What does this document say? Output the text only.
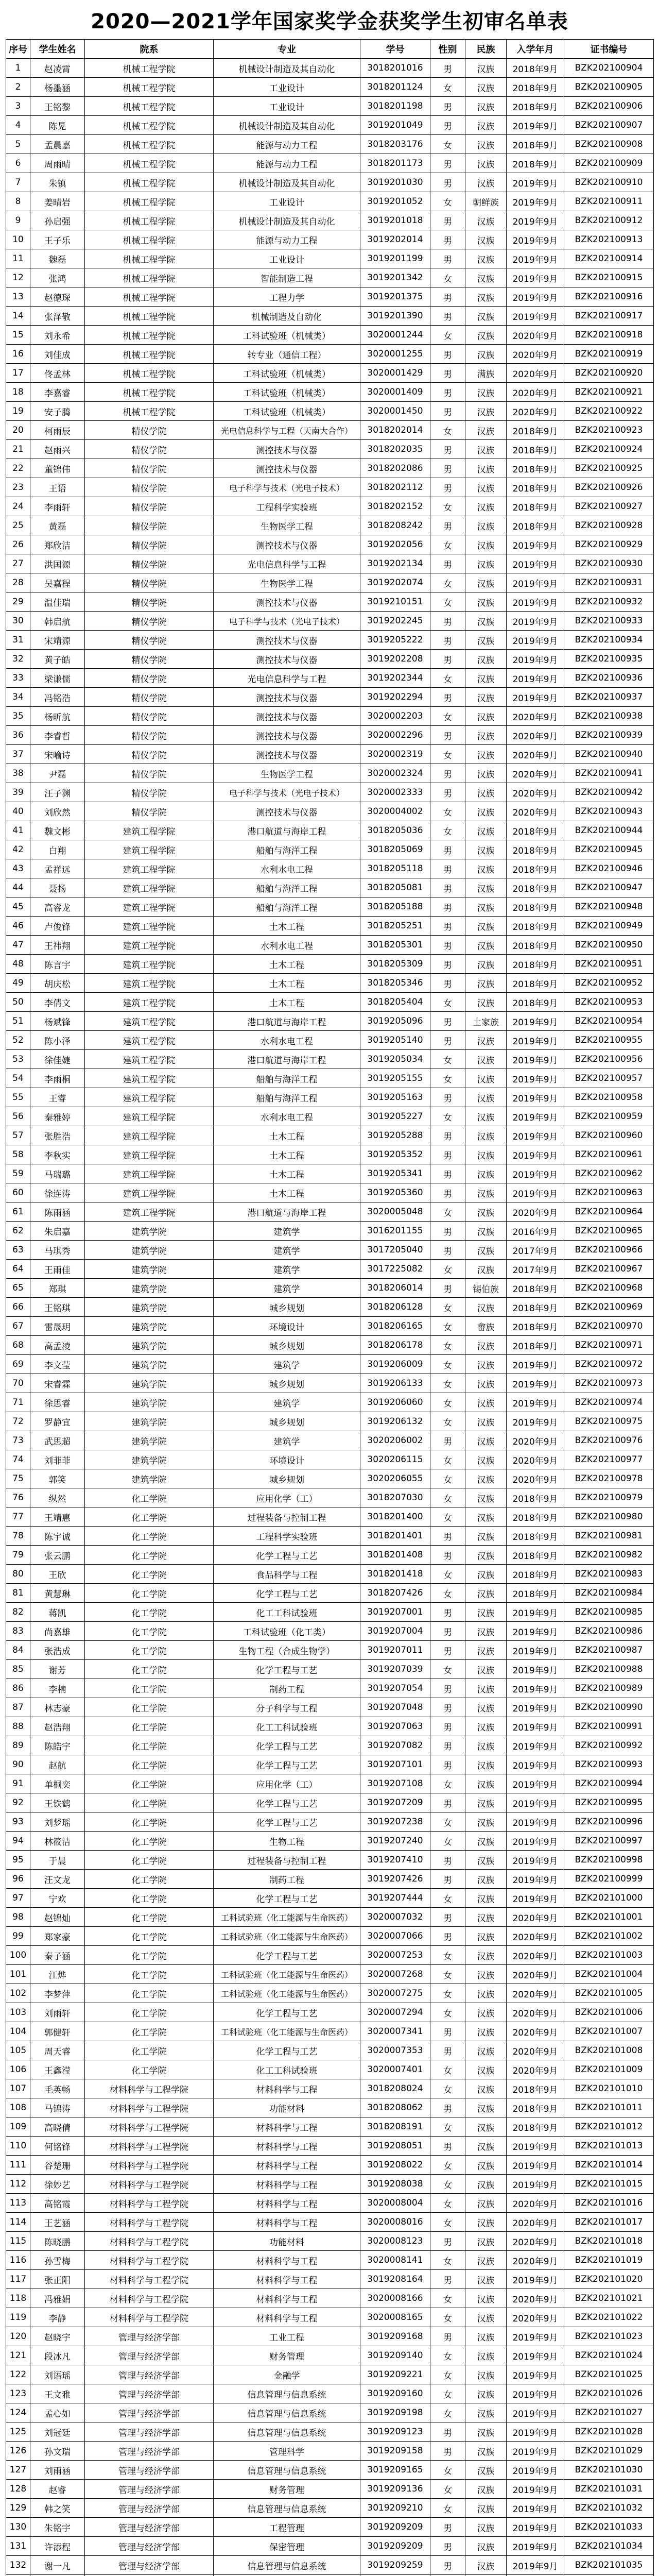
2020—2021学年国家奖学金获奖学生初审名单表
序号	学生姓名	院系	专业	学号	性别	民族	入学年月	证书编号
1	赵凌霄	机械工程学院	机械设计制造及其自动化	3018201016	男	汉族	2018年9月	BZK202100904
2	杨墨涵	机械工程学院	工业设计	3018201124	女	汉族	2018年9月	BZK202100905
3	王铭黎	机械工程学院	工业设计	3018201198	男	汉族	2018年9月	BZK202100906
4	陈晃	机械工程学院	机械设计制造及其自动化	3019201049	男	汉族	2019年9月	BZK202100907
5	孟晨嘉	机械工程学院	能源与动力工程	3018203176	女	汉族	2018年9月	BZK202100908
6	周雨晴	机械工程学院	能源与动力工程	3018201173	男	汉族	2018年9月	BZK202100909
7	朱镇	机械工程学院	机械设计制造及其自动化	3019201030	男	汉族	2019年9月	BZK202100910
8	姜晴岩	机械工程学院	工业设计	3019201052	女	朝鲜族	2019年9月	BZK202100911
9	孙启强	机械工程学院	机械设计制造及其自动化	3019201018	男	汉族	2019年9月	BZK202100912
10	王子乐	机械工程学院	能源与动力工程	3019202014	男	汉族	2019年9月	BZK202100913
11	魏磊	机械工程学院	工业设计	3019201199	男	汉族	2019年9月	BZK202100914
12	张鸿	机械工程学院	智能制造工程	3019201342	女	汉族	2019年9月	BZK202100915
13	赵德琛	机械工程学院	工程力学	3019201375	男	汉族	2019年9月	BZK202100916
14	张泽敬	机械工程学院	机械制造及自动化	3019201390	男	汉族	2019年9月	BZK202100917
15	刘永希	机械工程学院	工科试验班（机械类）	3020001244	女	汉族	2020年9月	BZK202100918
16	刘佳成	机械工程学院	转专业（通信工程）	3020001255	男	汉族	2020年9月	BZK202100919
17	佟孟林	机械工程学院	工科试验班（机械类）	3020001429	男	满族	2020年9月	BZK202100920
18	李嘉睿	机械工程学院	工科试验班（机械类）	3020001409	男	汉族	2020年9月	BZK202100921
19	安子腾	机械工程学院	工科试验班（机械类）	3020001450	男	汉族	2020年9月	BZK202100922
20	柯雨辰	精仪学院	光电信息科学与工程（天南大合作）	3018202014	女	汉族	2018年9月	BZK202100923
21	赵雨兴	精仪学院	测控技术与仪器	3018202035	男	汉族	2018年9月	BZK202100924
22	董锦伟	精仪学院	测控技术与仪器	3018202086	男	汉族	2018年9月	BZK202100925
23	王语	精仪学院	电子科学与技术（光电子技术）	3018202112	男	汉族	2018年9月	BZK202100926
24	李雨轩	精仪学院	工程科学实验班	3018202152	女	汉族	2018年9月	BZK202100927
25	黄磊	精仪学院	生物医学工程	3018208242	男	汉族	2018年9月	BZK202100928
26	郑欣洁	精仪学院	测控技术与仪器	3019202056	女	汉族	2019年9月	BZK202100929
27	洪国源	精仪学院	光电信息科学与工程	3019202134	男	汉族	2019年9月	BZK202100930
28	吴嘉程	精仪学院	生物医学工程	3019202074	女	汉族	2019年9月	BZK202100931
29	温佳瑞	精仪学院	测控技术与仪器	3019210151	女	汉族	2019年9月	BZK202100932
30	韩启航	精仪学院	电子科学与技术（光电子技术）	3019202245	男	汉族	2019年9月	BZK202100933
31	宋靖源	精仪学院	测控技术与仪器	3019205222	男	汉族	2019年9月	BZK202100934
32	黄子皓	精仪学院	测控技术与仪器	3019202208	男	汉族	2019年9月	BZK202100935
33	梁谦儒	精仪学院	光电信息科学与工程	3019202344	女	汉族	2019年9月	BZK202100936
34	冯铭浩	精仪学院	测控技术与仪器	3019202294	男	汉族	2019年9月	BZK202100937
35	杨昕航	精仪学院	测控技术与仪器	3020002203	女	汉族	2020年9月	BZK202100938
36	李睿哲	精仪学院	测控技术与仪器	3020002296	男	汉族	2020年9月	BZK202100939
37	宋喻诗	精仪学院	测控技术与仪器	3020002319	女	汉族	2020年9月	BZK202100940
38	尹磊	精仪学院	生物医学工程	3020002324	男	汉族	2020年9月	BZK202100941
39	汪子渊	精仪学院	电子科学与技术（光电子技术）	3020002333	男	汉族	2020年9月	BZK202100942
40	刘欣然	精仪学院	测控技术与仪器	3020004002	女	汉族	2020年9月	BZK202100943
41	魏文彬	建筑工程学院	港口航道与海岸工程	3018205036	女	汉族	2018年9月	BZK202100944
42	白翔	建筑工程学院	船舶与海洋工程	3018205069	男	汉族	2018年9月	BZK202100945
43	孟祥远	建筑工程学院	水利水电工程	3018205118	男	汉族	2018年9月	BZK202100946
44	聂扬	建筑工程学院	船舶与海洋工程	3018205081	男	汉族	2018年9月	BZK202100947
45	高睿龙	建筑工程学院	船舶与海洋工程	3018205188	男	汉族	2018年9月	BZK202100948
46	卢俊锋	建筑工程学院	土木工程	3018205251	男	汉族	2018年9月	BZK202100949
47	王祎翔	建筑工程学院	水利水电工程	3018205301	男	汉族	2018年9月	BZK202100950
48	陈言宇	建筑工程学院	土木工程	3018205309	男	汉族	2018年9月	BZK202100951
49	胡庆松	建筑工程学院	土木工程	3018205346	男	汉族	2018年9月	BZK202100952
50	李倩文	建筑工程学院	土木工程	3018205404	女	汉族	2018年9月	BZK202100953
51	杨斌锋	建筑工程学院	港口航道与海岸工程	3019205096	男	土家族	2019年9月	BZK202100954
52	陈小泽	建筑工程学院	水利水电工程	3019205140	男	汉族	2019年9月	BZK202100955
53	徐佳婕	建筑工程学院	港口航道与海岸工程	3019205034	女	汉族	2019年9月	BZK202100956
54	李雨桐	建筑工程学院	船舶与海洋工程	3019205155	女	汉族	2019年9月	BZK202100957
55	王睿	建筑工程学院	船舶与海洋工程	3019205163	男	汉族	2019年9月	BZK202100958
56	秦雅婷	建筑工程学院	水利水电工程	3019205227	女	汉族	2019年9月	BZK202100959
57	张胜浩	建筑工程学院	土木工程	3019205288	男	汉族	2019年9月	BZK202100960
58	李秋实	建筑工程学院	土木工程	3019205352	男	汉族	2019年9月	BZK202100961
59	马瑞璐	建筑工程学院	土木工程	3019205341	男	汉族	2019年9月	BZK202100962
60	徐连涛	建筑工程学院	土木工程	3019205360	男	汉族	2019年9月	BZK202100963
61	陈雨涵	建筑工程学院	港口航道与海岸工程	3020005048	女	汉族	2020年9月	BZK202100964
62	朱启嘉	建筑学院	建筑学	3016201155	男	汉族	2016年9月	BZK202100965
63	马琪秀	建筑学院	建筑学	3017205040	男	汉族	2017年9月	BZK202100966
64	王雨佳	建筑学院	建筑学	3017225082	女	汉族	2017年9月	BZK202100967
65	郑琪	建筑学院	建筑学	3018206014	男	锡伯族	2018年9月	BZK202100968
66	王铭琪	建筑学院	城乡规划	3018206128	女	汉族	2018年9月	BZK202100969
67	雷晟玥	建筑学院	环境设计	3018206165	女	畲族	2018年9月	BZK202100970
68	高孟凌	建筑学院	城乡规划	3018206178	女	汉族	2018年9月	BZK202100971
69	李文莹	建筑学院	建筑学	3019206009	女	汉族	2019年9月	BZK202100972
70	宋睿霖	建筑学院	城乡规划	3019206133	女	汉族	2019年9月	BZK202100973
71	徐思睿	建筑学院	建筑学	3019206060	女	汉族	2019年9月	BZK202100974
72	罗静宜	建筑学院	城乡规划	3019206132	女	汉族	2019年9月	BZK202100975
73	武思超	建筑学院	建筑学	3020206002	男	汉族	2020年9月	BZK202100976
74	刘菲菲	建筑学院	环境设计	3020206115	女	汉族	2020年9月	BZK202100977
75	郭笑	建筑学院	城乡规划	3020206055	女	汉族	2020年9月	BZK202100978
76	纵然	化工学院	应用化学（工）	3018207030	女	汉族	2018年9月	BZK202100979
77	王靖惠	化工学院	过程装备与控制工程	3018201400	女	汉族	2018年9月	BZK202100980
78	陈宇诚	化工学院	工程科学实验班	3018201401	男	汉族	2018年9月	BZK202100981
79	张云鹏	化工学院	化学工程与工艺	3018201408	男	汉族	2018年9月	BZK202100982
80	王欣	化工学院	食品科学与工程	3018201418	女	汉族	2018年9月	BZK202100983
81	黄慧琳	化工学院	化学工程与工艺	3018207426	女	汉族	2018年9月	BZK202100984
82	蒋凯	化工学院	化工工科试验班	3019207001	男	汉族	2019年9月	BZK202100985
83	尚嘉雄	化工学院	工科试验班（化工类）	3019207004	男	汉族	2019年9月	BZK202100986
84	张浩成	化工学院	生物工程（合成生物学）	3019207011	男	汉族	2019年9月	BZK202100987
85	谢芳	化工学院	化学工程与工艺	3019207039	女	汉族	2019年9月	BZK202100988
86	李楠	化工学院	制药工程	3019207054	男	汉族	2019年9月	BZK202100989
87	林志豪	化工学院	分子科学与工程	3019207048	男	汉族	2019年9月	BZK202100990
88	赵浩翔	化工学院	化工工科试验班	3019207063	男	汉族	2019年9月	BZK202100991
89	陈皓宇	化工学院	化学工程与工艺	3019207082	男	汉族	2019年9月	BZK202100992
90	赵航	化工学院	化学工程与工艺	3019207101	男	汉族	2019年9月	BZK202100993
91	单桐奕	化工学院	应用化学（工）	3019207108	女	汉族	2019年9月	BZK202100994
92	王铁鹤	化工学院	化学工程与工艺	3019207209	男	汉族	2019年9月	BZK202100995
93	刘梦瑶	化工学院	化学工程与工艺	3019207238	女	汉族	2019年9月	BZK202100996
94	林筱洁	化工学院	生物工程	3019207240	女	汉族	2019年9月	BZK202100997
95	于晨	化工学院	过程装备与控制工程	3019207410	男	汉族	2019年9月	BZK202100998
96	汪文龙	化工学院	制药工程	3019207426	男	汉族	2019年9月	BZK202100999
97	宁欢	化工学院	化学工程与工艺	3019207444	女	汉族	2019年9月	BZK202101000
98	赵锦灿	化工学院	工科试验班（化工能源与生命医药）	3020007032	男	汉族	2020年9月	BZK202101001
99	郑家豪	化工学院	工科试验班（化工能源与生命医药）	3020007066	男	汉族	2020年9月	BZK202101002
100	秦子涵	化工学院	化学工程与工艺	3020007253	女	汉族	2020年9月	BZK202101003
101	江烨	化工学院	工科试验班（化工能源与生命医药）	3020007268	女	汉族	2020年9月	BZK202101004
102	李梦萍	化工学院	工科试验班（化工能源与生命医药）	3020007275	女	汉族	2020年9月	BZK202101005
103	刘雨轩	化工学院	化学工程与工艺	3020007294	女	汉族	2020年9月	BZK202101006
104	郭健轩	化工学院	工科试验班（化工能源与生命医药）	3020007341	男	汉族	2020年9月	BZK202101007
105	周天睿	化工学院	化学工程与工艺	3020007353	男	汉族	2020年9月	BZK202101008
106	王鑫滢	化工学院	化工工科试验班	3020007401	女	汉族	2020年9月	BZK202101009
107	毛英畅	材料科学与工程学院	材料科学与工程	3018208024	女	汉族	2018年9月	BZK202101010
108	马锦涛	材料科学与工程学院	功能材料	3018208062	男	汉族	2018年9月	BZK202101011
109	高晓倩	材料科学与工程学院	材料科学与工程	3018208191	女	汉族	2018年9月	BZK202101012
110	何铭锋	材料科学与工程学院	材料科学与工程	3019208051	男	汉族	2019年9月	BZK202101013
111	谷楚珊	材料科学与工程学院	材料科学与工程	3019208022	女	汉族	2019年9月	BZK202101014
112	徐妙艺	材料科学与工程学院	材料科学与工程	3019208038	女	汉族	2019年9月	BZK202101015
113	高铭霞	材料科学与工程学院	材料科学与工程	3020008004	女	汉族	2020年9月	BZK202101016
114	王艺涵	材料科学与工程学院	材料科学与工程	3020008016	女	汉族	2020年9月	BZK202101017
115	陈晓鹏	材料科学与工程学院	功能材料	3020008123	男	汉族	2020年9月	BZK202101018
116	孙雪梅	材料科学与工程学院	材料科学与工程	3020008141	女	汉族	2020年9月	BZK202101019
117	张正阳	材料科学与工程学院	材料科学与工程	3019208164	男	汉族	2019年9月	BZK202101020
118	冯雅娟	材料科学与工程学院	材料科学与工程	3020008166	女	汉族	2020年9月	BZK202101021
119	李静	材料科学与工程学院	材料科学与工程	3020008165	女	汉族	2020年9月	BZK202101022
120	赵晓宇	管理与经济学部	工业工程	3019209168	男	汉族	2019年9月	BZK202101023
121	段冰凡	管理与经济学部	财务管理	3019209140	女	汉族	2019年9月	BZK202101024
122	刘语瑶	管理与经济学部	金融学	3019209221	女	汉族	2019年9月	BZK202101025
123	王文雅	管理与经济学部	信息管理与信息系统	3019209160	女	汉族	2019年9月	BZK202101026
124	孟心如	管理与经济学部	信息管理与信息系统	3019209198	女	汉族	2019年9月	BZK202101027
125	刘冠廷	管理与经济学部	信息管理与信息系统	3019209123	男	汉族	2019年9月	BZK202101028
126	孙文瑞	管理与经济学部	管理科学	3019209158	男	汉族	2019年9月	BZK202101029
127	刘雨涵	管理与经济学部	信息管理与信息系统	3019209165	女	汉族	2019年9月	BZK202101030
128	赵睿	管理与经济学部	财务管理	3019209136	女	汉族	2019年9月	BZK202101031
129	韩之笑	管理与经济学部	信息管理与信息系统	3019209210	女	汉族	2019年9月	BZK202101032
130	朱铭宇	管理与经济学部	工程管理	3019209209	男	汉族	2019年9月	BZK202101033
131	许添程	管理与经济学部	保密管理	3019209209	男	汉族	2019年9月	BZK202101034
132	谢一凡	管理与经济学部	信息管理与信息系统	3019209259	男	汉族	2019年9月	BZK202101035
